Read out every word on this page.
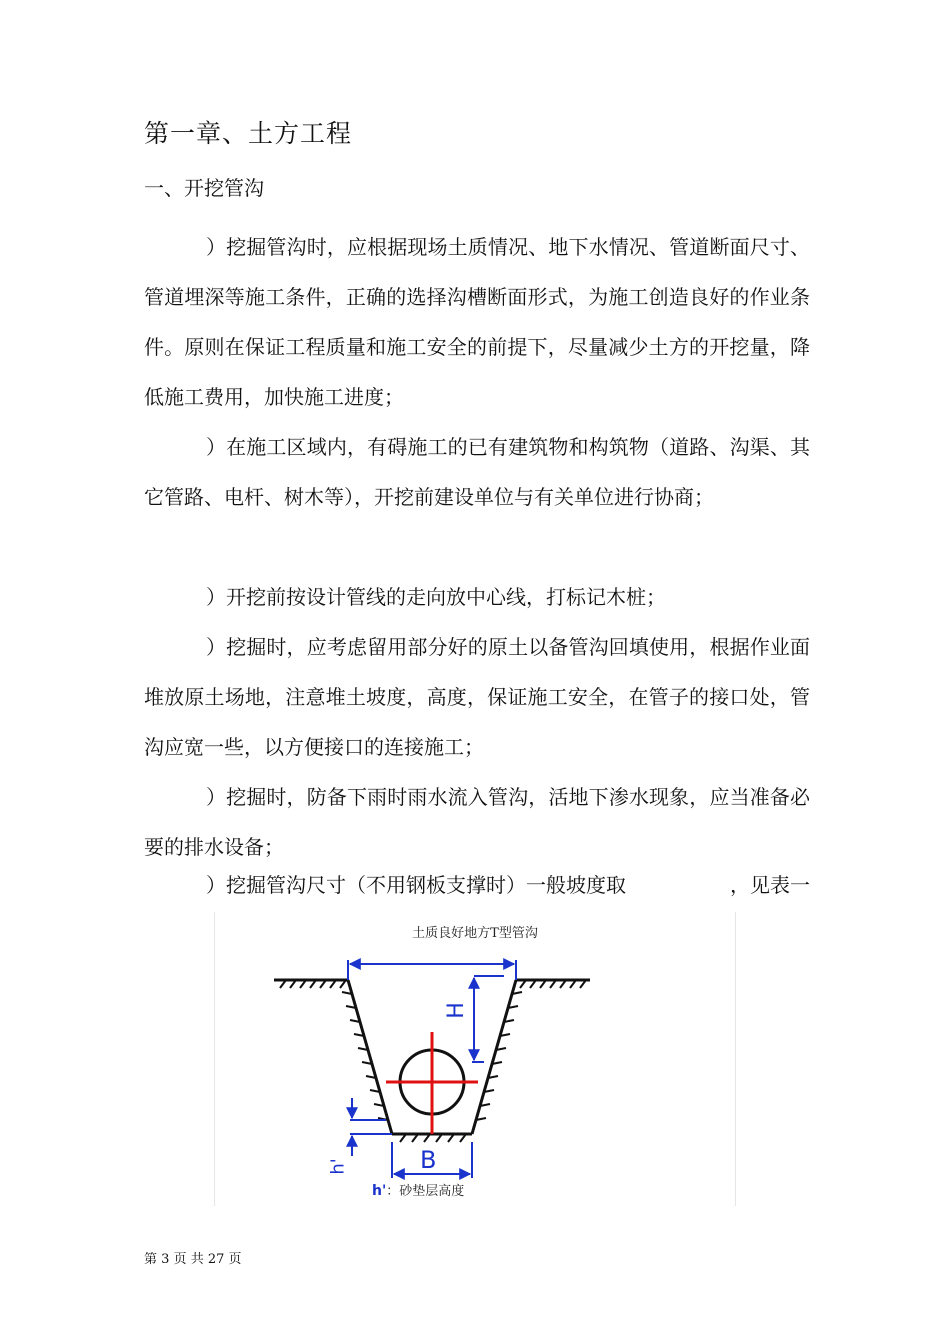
第一章、土方工程
一、开挖管沟

）挖掘管沟时，应根据现场土质情况、地下水情况、管道断面尺寸、管道埋深等施工条件，正确的选择沟槽断面形式，为施工创造良好的作业条件。原则在保证工程质量和施工安全的前提下，尽量减少土方的开挖量，降低施工费用，加快施工进度；

）在施工区域内，有碍施工的已有建筑物和构筑物（道路、沟渠、其它管路、电杆、树木等），开挖前建设单位与有关单位进行协商；

）开挖前按设计管线的走向放中心线，打标记木桩；

）挖掘时，应考虑留用部分好的原土以备管沟回填使用，根据作业面堆放原土场地，注意堆土坡度，高度，保证施工安全，在管子的接口处，管沟应宽一些，以方便接口的连接施工；

）挖掘时，防备下雨时雨水流入管沟，活地下渗水现象，应当准备必要的排水设备；

）挖掘管沟尺寸（不用钢板支撑时）一般坡度取	，见表一
土质良好地方T型管沟
H
B
h'
h'：砂垫层高度
第 3 页 共 27 页
